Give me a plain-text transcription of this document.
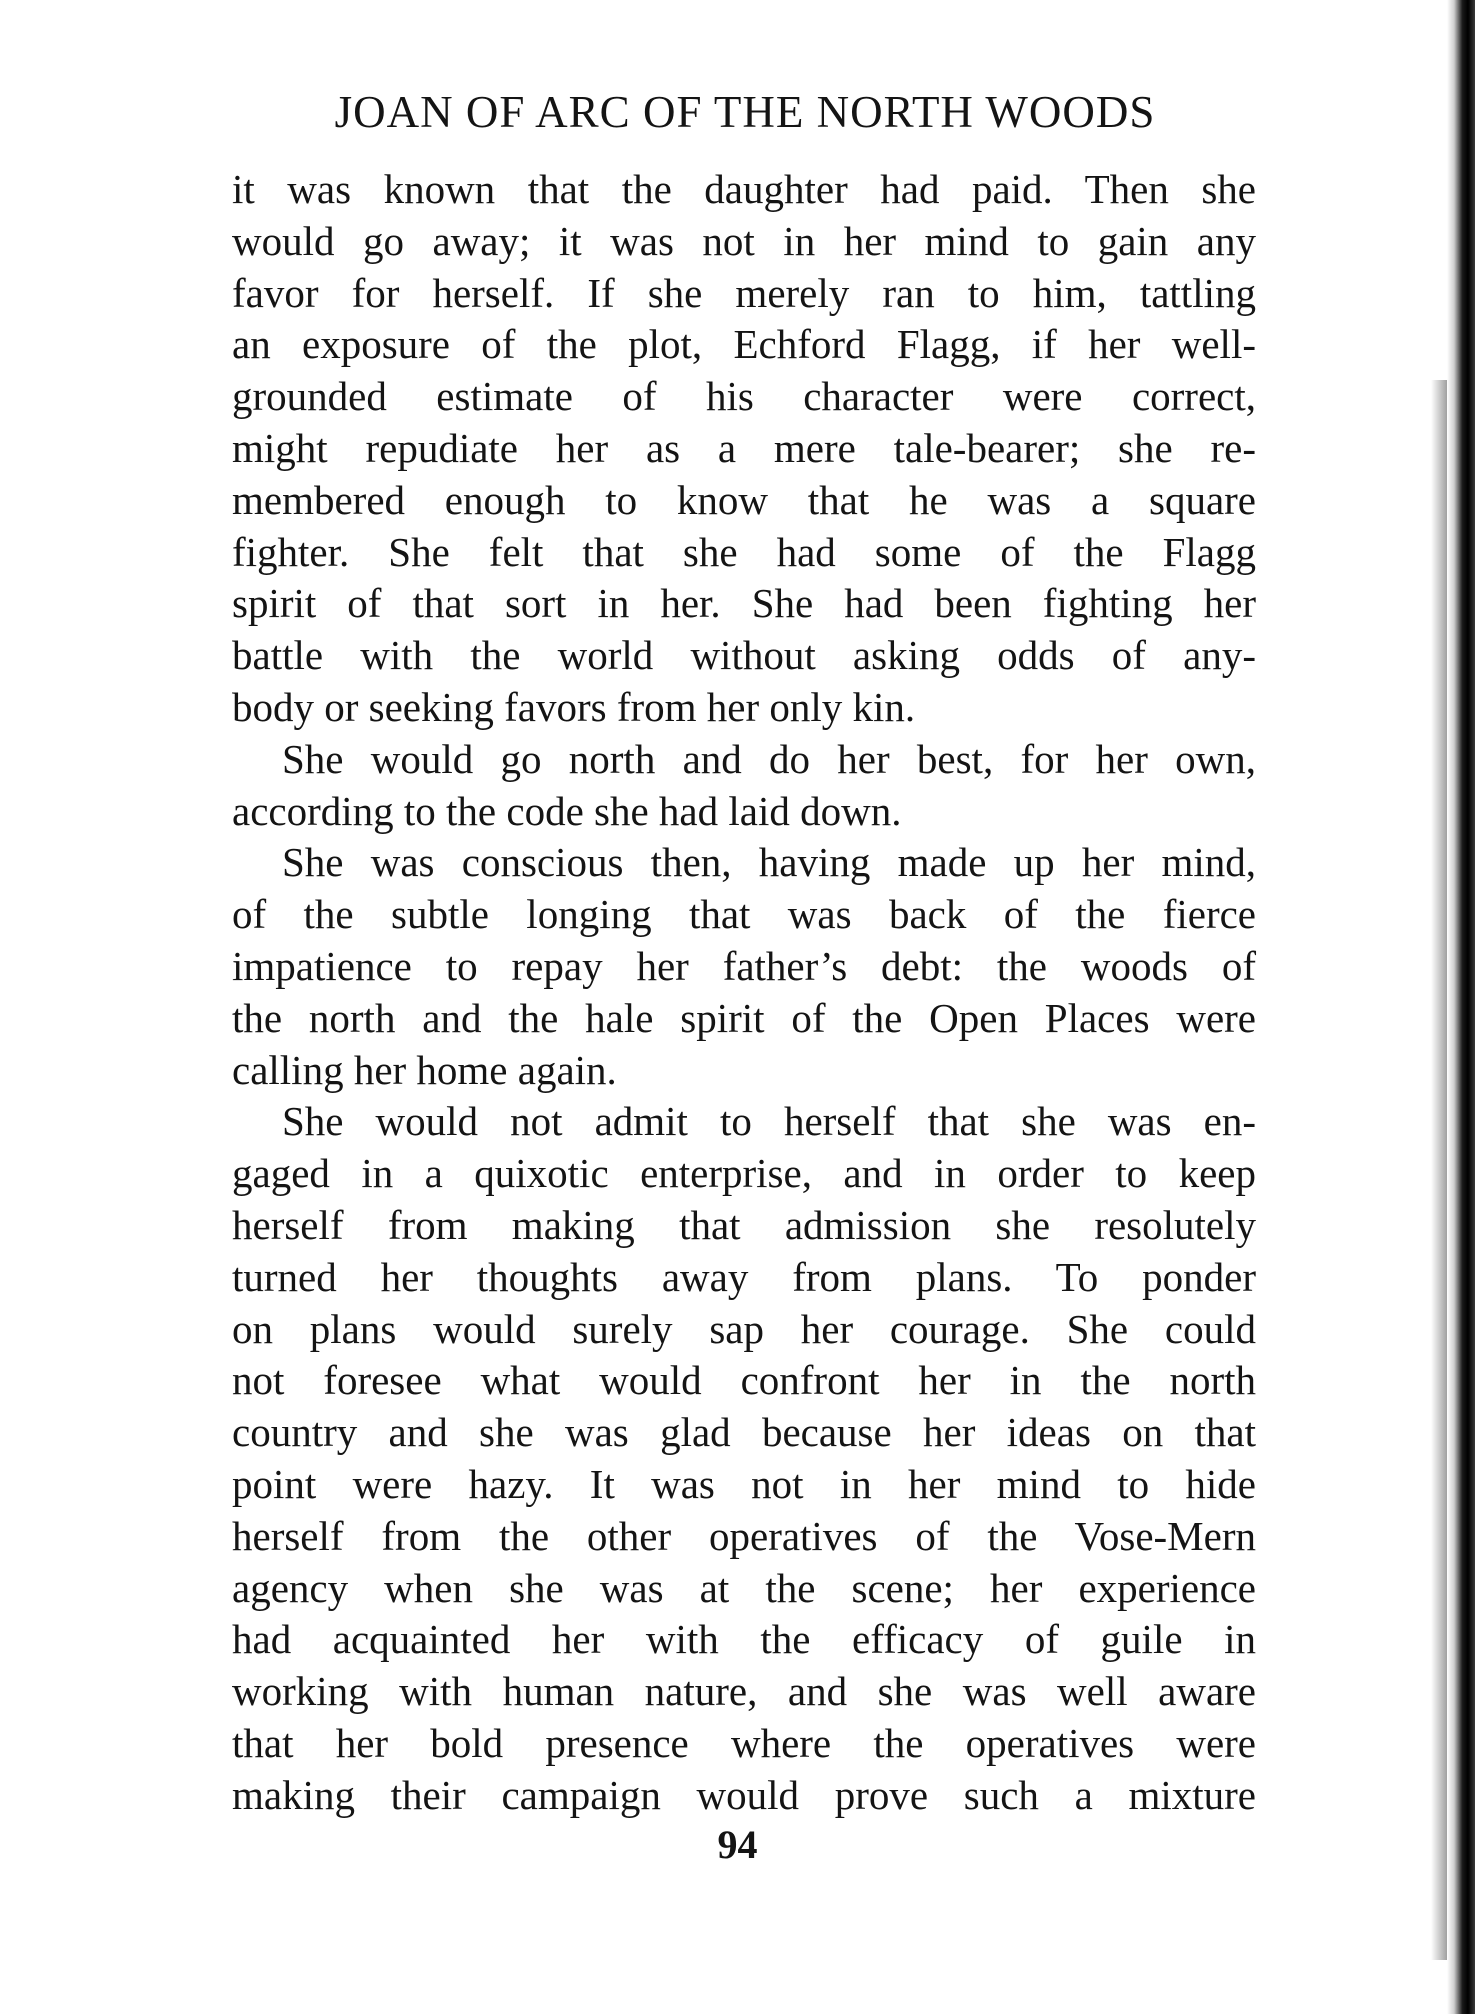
JOAN OF ARC OF THE NORTH WOODS
it was known that the daughter had paid. Then she
would go away; it was not in her mind to gain any
favor for herself. If she merely ran to him, tattling
an exposure of the plot, Echford Flagg, if her well-
grounded estimate of his character were correct,
might repudiate her as a mere tale-bearer; she re-
membered enough to know that he was a square
fighter. She felt that she had some of the Flagg
spirit of that sort in her. She had been fighting her
battle with the world without asking odds of any-
body or seeking favors from her only kin.
She would go north and do her best, for her own,
according to the code she had laid down.
She was conscious then, having made up her mind,
of the subtle longing that was back of the fierce
impatience to repay her father’s debt: the woods of
the north and the hale spirit of the Open Places were
calling her home again.
She would not admit to herself that she was en-
gaged in a quixotic enterprise, and in order to keep
herself from making that admission she resolutely
turned her thoughts away from plans. To ponder
on plans would surely sap her courage. She could
not foresee what would confront her in the north
country and she was glad because her ideas on that
point were hazy. It was not in her mind to hide
herself from the other operatives of the Vose-Mern
agency when she was at the scene; her experience
had acquainted her with the efficacy of guile in
working with human nature, and she was well aware
that her bold presence where the operatives were
making their campaign would prove such a mixture
94
